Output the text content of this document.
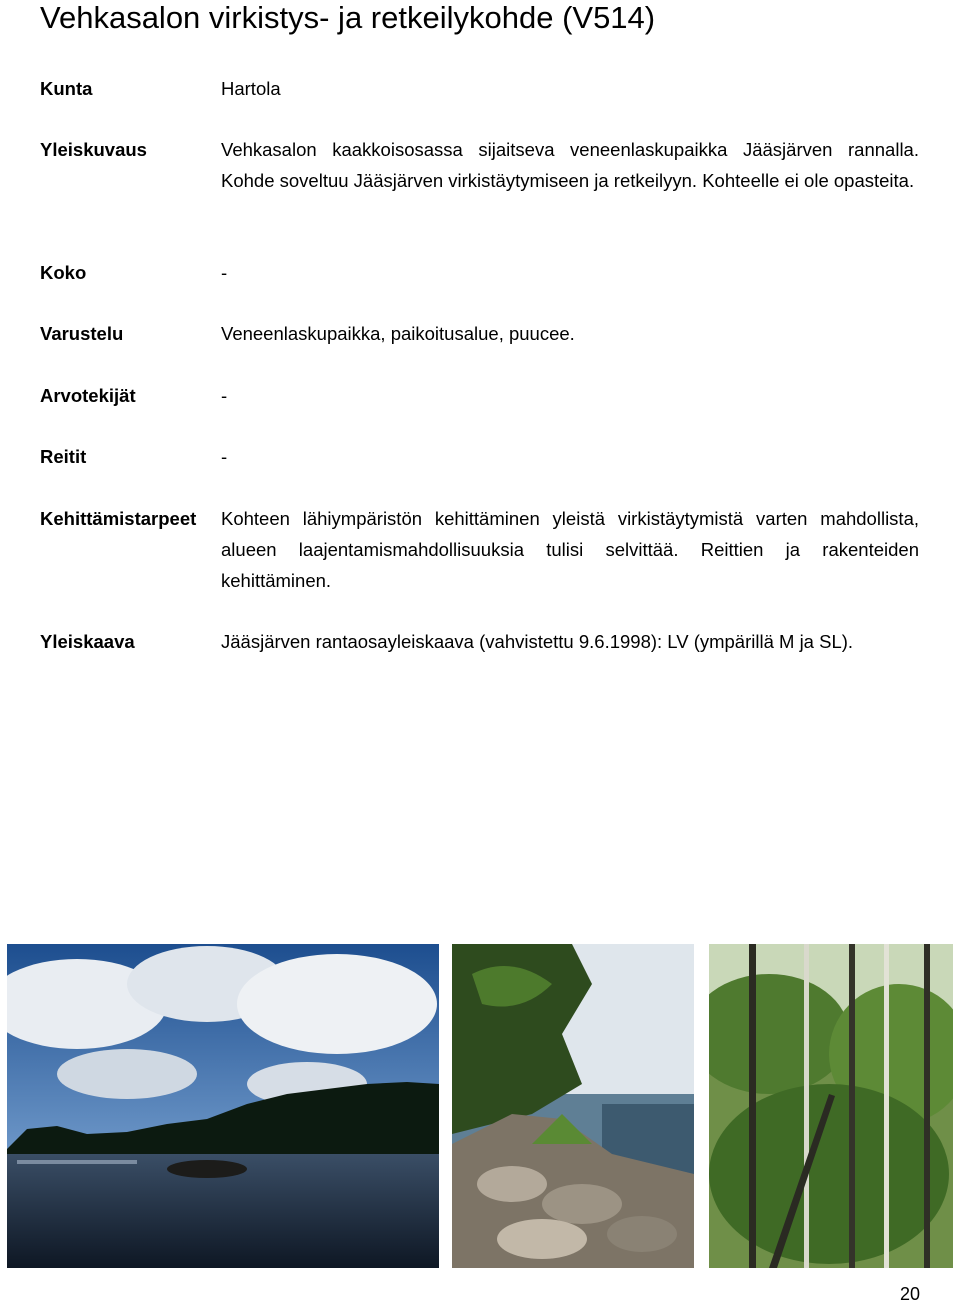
Vehkasalon virkistys- ja retkeilykohde (V514)
Kunta	Hartola
Yleiskuvaus	Vehkasalon kaakkoisosassa sijaitseva veneenlaskupaikka Jääsjärven rannalla. Kohde soveltuu Jääsjärven virkistäytymiseen ja retkeilyyn. Kohteelle ei ole opasteita.
Koko	-
Varustelu	Veneenlaskupaikka, paikoitusalue, puucee.
Arvotekijät	-
Reitit	-
Kehittämistarpeet	Kohteen lähiympäristön kehittäminen yleistä virkistäytymistä varten mahdollista, alueen laajentamismahdollisuuksia tulisi selvittää. Reittien ja rakenteiden kehittäminen.
Yleiskaava	Jääsjärven rantaosayleiskaava (vahvistettu 9.6.1998): LV (ympärillä M ja SL).
20
